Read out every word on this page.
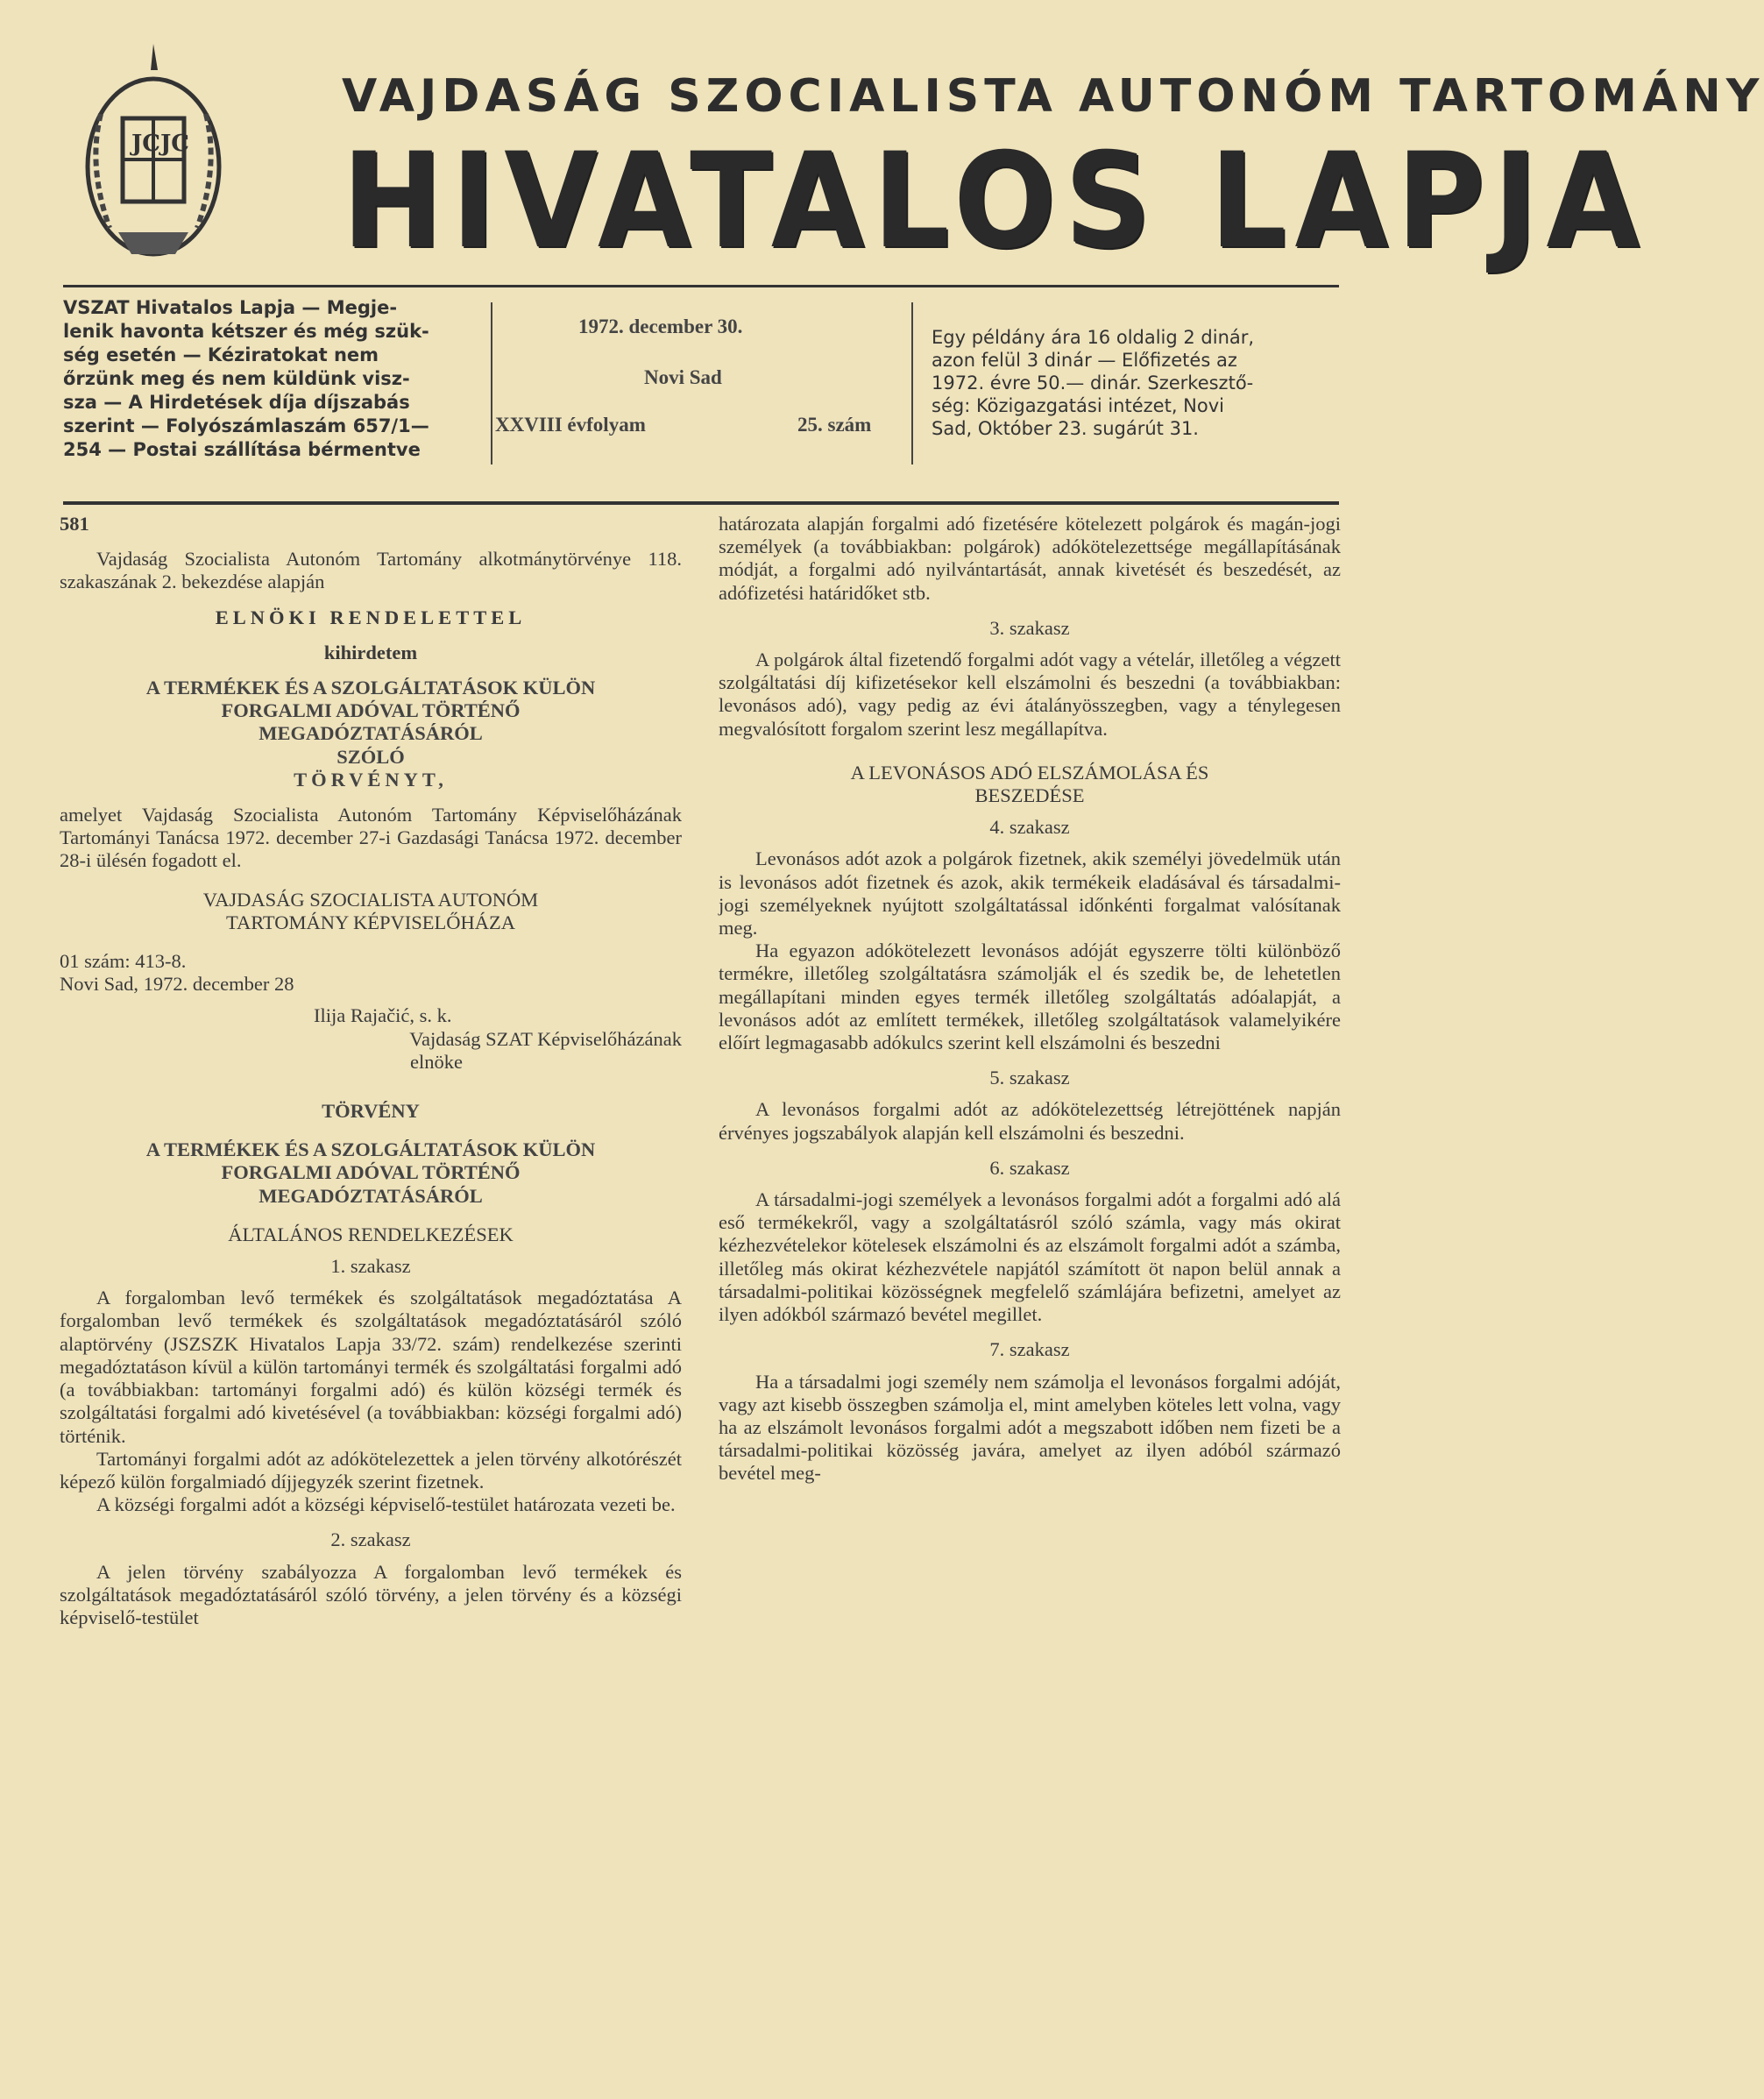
JCJC
VAJDASÁG SZOCIALISTA AUTONÓM TARTOMÁNY
HIVATALOS LAPJA
VSZAT Hivatalos Lapja — Megje-
lenik havonta kétszer és még szük-
ség esetén — Kéziratokat nem
őrzünk meg és nem küldünk visz-
sza — A Hirdetések díja díjszabás
szerint — Folyószámlaszám 657/1—
254 — Postai szállítása bérmentve
1972. december 30.
Novi Sad
XXVIII évfolyam	25. szám
Egy példány ára 16 oldalig 2 dinár,
azon felül 3 dinár — Előfizetés az
1972. évre 50.— dinár. Szerkesztő-
ség: Közigazgatási intézet, Novi
Sad, Október 23. sugárút 31.

581

Vajdaság Szocialista Autonóm Tartomány alkotmánytörvénye 118. szakaszának 2. bekezdése alapján

ELNÖKI RENDELETTEL

kihirdetem

A TERMÉKEK ÉS A SZOLGÁLTATÁSOK KÜLÖN

FORGALMI ADÓVAL TÖRTÉNŐ

MEGADÓZTATÁSÁRÓL

SZÓLÓ

TÖRVÉNYT,

amelyet Vajdaság Szocialista Autonóm Tartomány Képviselőházának Tartományi Tanácsa 1972. december 27-i Gazdasági Tanácsa 1972. december 28-i ülésén fogadott el.

VAJDASÁG SZOCIALISTA AUTONÓM

TARTOMÁNY KÉPVISELŐHÁZA

01 szám: 413-8.

Novi Sad, 1972. december 28

Ilija Rajačić, s. k.

Vajdaság SZAT Képviselőházának

elnöke

TÖRVÉNY

A TERMÉKEK ÉS A SZOLGÁLTATÁSOK KÜLÖN

FORGALMI ADÓVAL TÖRTÉNŐ

MEGADÓZTATÁSÁRÓL

ÁLTALÁNOS RENDELKEZÉSEK

1. szakasz

A forgalomban levő termékek és szolgáltatások megadóztatása A forgalomban levő termékek és szolgáltatások megadóztatásáról szóló alaptörvény (JSZSZK Hivatalos Lapja 33/72. szám) rendelkezése szerinti megadóztatáson kívül a külön tartományi termék és szolgáltatási forgalmi adó (a továbbiakban: tartományi forgalmi adó) és külön községi termék és szolgáltatási forgalmi adó kivetésével (a továbbiakban: községi forgalmi adó) történik.

Tartományi forgalmi adót az adókötelezettek a jelen törvény alkotórészét képező külön forgalmiadó díjjegyzék szerint fizetnek.

A községi forgalmi adót a községi képviselő-testület határozata vezeti be.

2. szakasz

A jelen törvény szabályozza A forgalomban levő termékek és szolgáltatások megadóztatásáról szóló törvény, a jelen törvény és a községi képviselő-testület

határozata alapján forgalmi adó fizetésére kötelezett polgárok és magán-jogi személyek (a továbbiakban: polgárok) adókötelezettsége megállapításának módját, a forgalmi adó nyilvántartását, annak kivetését és beszedését, az adófizetési határidőket stb.

3. szakasz

A polgárok által fizetendő forgalmi adót vagy a vételár, illetőleg a végzett szolgáltatási díj kifizetésekor kell elszámolni és beszedni (a továbbiakban: levonásos adó), vagy pedig az évi átalányösszegben, vagy a ténylegesen megvalósított forgalom szerint lesz megállapítva.

A LEVONÁSOS ADÓ ELSZÁMOLÁSA ÉS

BESZEDÉSE

4. szakasz

Levonásos adót azok a polgárok fizetnek, akik személyi jövedelmük után is levonásos adót fizetnek és azok, akik termékeik eladásával és társadalmi-jogi személyeknek nyújtott szolgáltatással időnkénti forgalmat valósítanak meg.

Ha egyazon adókötelezett levonásos adóját egyszerre tölti különböző termékre, illetőleg szolgáltatásra számolják el és szedik be, de lehetetlen megállapítani minden egyes termék illetőleg szolgáltatás adóalapját, a levonásos adót az említett termékek, illetőleg szolgáltatások valamelyikére előírt legmagasabb adókulcs szerint kell elszámolni és beszedni

5. szakasz

A levonásos forgalmi adót az adókötelezettség létrejöttének napján érvényes jogszabályok alapján kell elszámolni és beszedni.

6. szakasz

A társadalmi-jogi személyek a levonásos forgalmi adót a forgalmi adó alá eső termékekről, vagy a szolgáltatásról szóló számla, vagy más okirat kézhezvételekor kötelesek elszámolni és az elszámolt forgalmi adót a számba, illetőleg más okirat kézhezvétele napjától számított öt napon belül annak a társadalmi-politikai közösségnek megfelelő számlájára befizetni, amelyet az ilyen adókból származó bevétel megillet.

7. szakasz

Ha a társadalmi jogi személy nem számolja el levonásos forgalmi adóját, vagy azt kisebb összegben számolja el, mint amelyben köteles lett volna, vagy ha az elszámolt levonásos forgalmi adót a megszabott időben nem fizeti be a társadalmi-politikai közösség javára, amelyet az ilyen adóból származó bevétel meg-
